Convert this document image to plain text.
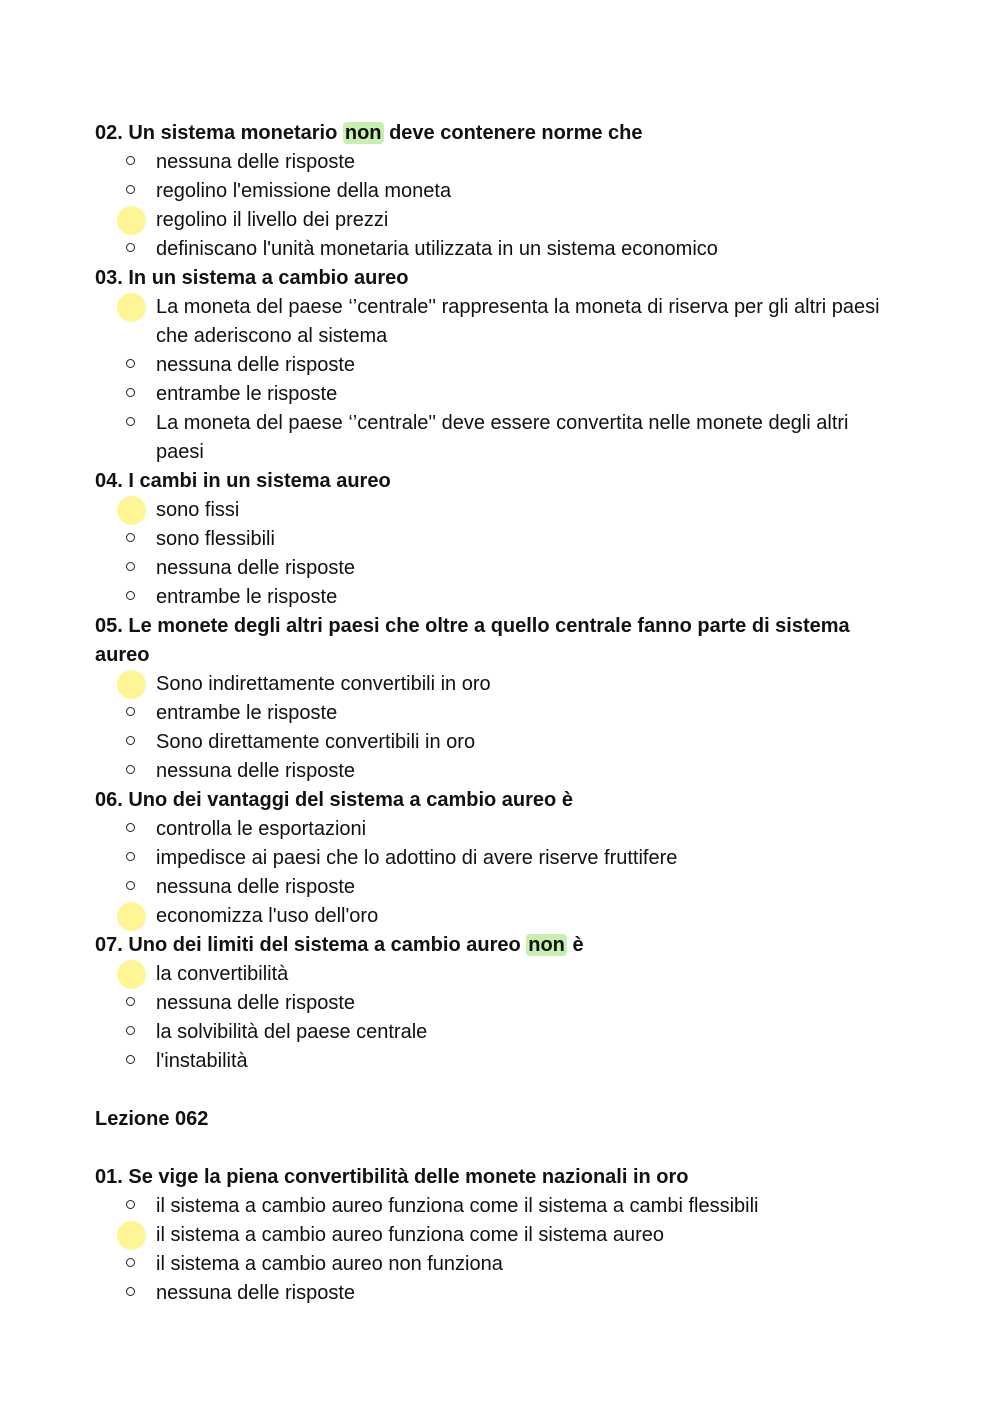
02. Un sistema monetario non deve contenere norme che
nessuna delle risposte
regolino l'emissione della moneta
regolino il livello dei prezzi
definiscano l'unità monetaria utilizzata in un sistema economico
03. In un sistema a cambio aureo
La moneta del paese ‘’centrale'' rappresenta la moneta di riserva per gli altri paesi che aderiscono al sistema
nessuna delle risposte
entrambe le risposte
La moneta del paese ‘’centrale'' deve essere convertita nelle monete degli altri paesi
04. I cambi in un sistema aureo
sono fissi
sono flessibili
nessuna delle risposte
entrambe le risposte
05. Le monete degli altri paesi che oltre a quello centrale fanno parte di sistema aureo
Sono indirettamente convertibili in oro
entrambe le risposte
Sono direttamente convertibili in oro
nessuna delle risposte
06. Uno dei vantaggi del sistema a cambio aureo è
controlla le esportazioni
impedisce ai paesi che lo adottino di avere riserve fruttifere
nessuna delle risposte
economizza l'uso dell'oro
07. Uno dei limiti del sistema a cambio aureo non è
la convertibilità
nessuna delle risposte
la solvibilità del paese centrale
l'instabilità
Lezione 062
01. Se vige la piena convertibilità delle monete nazionali in oro
il sistema a cambio aureo funziona come il sistema a cambi flessibili
il sistema a cambio aureo funziona come il sistema aureo
il sistema a cambio aureo non funziona
nessuna delle risposte
